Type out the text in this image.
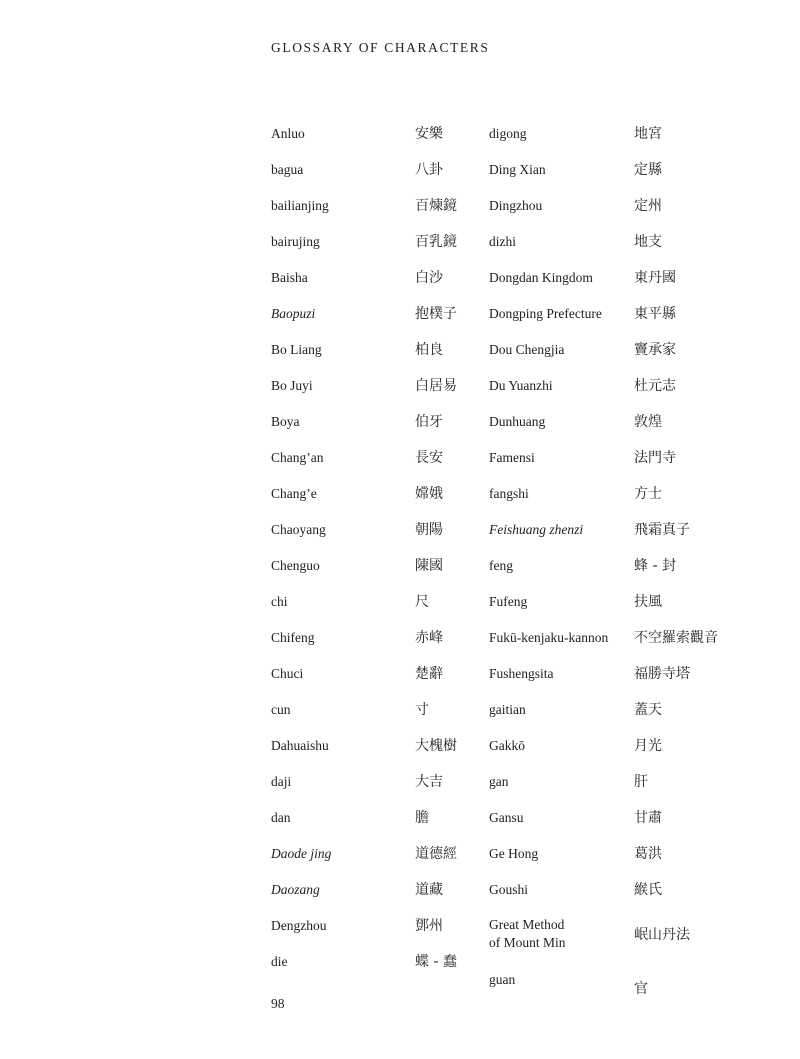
GLOSSARY OF CHARACTERS
Anluo
bagua
bailianjing
bairujing
Baisha
Baopuzi
Bo Liang
Bo Juyi
Boya
Chang’an
Chang’e
Chaoyang
Chenguo
chi
Chifeng
Chuci
cun
Dahuaishu
daji
dan
Daode jing
Daozang
Dengzhou
die
安樂
八卦
百煉鏡
百乳鏡
白沙
抱樸子
柏良
白居易
伯牙
長安
嫦娥
朝陽
陳國
尺
赤峰
楚辭
寸
大槐樹
大吉
膽
道德經
道藏
鄧州
蝶 - 蠢
digong
Ding Xian
Dingzhou
dizhi
Dongdan Kingdom
Dongping Prefecture
Dou Chengjia
Du Yuanzhi
Dunhuang
Famensi
fangshi
Feishuang zhenzi
feng
Fufeng
Fukū-kenjaku-kannon
Fushengsita
gaitian
Gakkō
gan
Gansu
Ge Hong
Goushi
Great Method
of Mount Min
guan
地宮
定縣
定州
地支
東丹國
東平縣
竇承家
杜元志
敦煌
法門寺
方士
飛霜真子
蜂 - 封
扶風
不空羅索觀音
福勝寺塔
蓋天
月光
肝
甘肅
葛洪
緱氏
岷山丹法
官
98
